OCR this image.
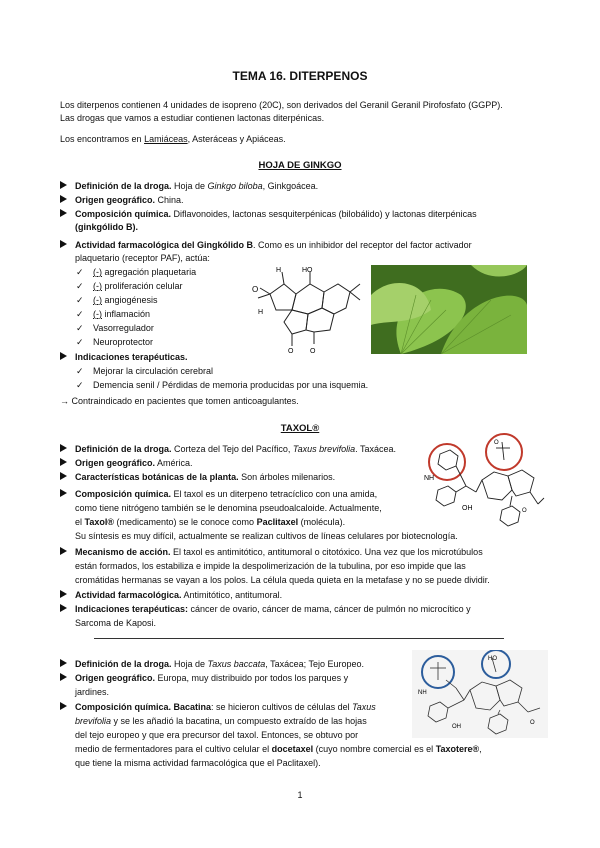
TEMA 16. DITERPENOS
Los diterpenos contienen 4 unidades de isopreno (20C), son derivados del Geranil Geranil Pirofosfato (GGPP).
Las drogas que vamos a estudiar contienen lactonas diterpénicas.
Los encontramos en Lamiáceas, Asteráceas y Apiáceas.
HOJA DE GINKGO
Definición de la droga. Hoja de Ginkgo biloba, Ginkgoácea.
Origen geográfico. China.
Composición química. Diflavonoides, lactonas sesquiterpénicas (bilobálido) y lactonas diterpénicas
(ginkgólido B).
Actividad farmacológica del Gingkólido B. Como es un inhibidor del receptor del factor activador
plaquetario (receptor PAF), actúa:
✓ (-) agregación plaquetaria
✓ (-) proliferación celular
✓ (-) angiogénesis
✓ (-) inflamación
✓ Vasorregulador
✓ Neuroprotector
Indicaciones terapéuticas.
✓ Mejorar la circulación cerebral
✓ Demencia senil / Pérdidas de memoria producidas por una isquemia.
→ Contraindicado en pacientes que tomen anticoagulantes.
O
HO
H
O O
H
TAXOL®
Definición de la droga. Corteza del Tejo del Pacífico, Taxus brevifolia. Taxácea.
Origen geográfico. América.
Características botánicas de la planta. Son árboles milenarios.
Composición química. El taxol es un diterpeno tetracíclico con una amida,
como tiene nitrógeno también se le denomina pseudoalcaloide. Actualmente,
el Taxol® (medicamento) se le conoce como Paclitaxel (molécula).
Su síntesis es muy difícil, actualmente se realizan cultivos de líneas celulares por biotecnología.
Mecanismo de acción. El taxol es antimitótico, antitumoral o citotóxico. Una vez que los microtúbulos
están formados, los estabiliza e impide la despolimerización de la tubulina, por eso impide que las
cromátidas hermanas se vayan a los polos. La célula queda quieta en la metafase y no se puede dividir.
Actividad farmacológica. Antimitótico, antitumoral.
Indicaciones terapéuticas: cáncer de ovario, cáncer de mama, cáncer de pulmón no microcítico y
Sarcoma de Kaposi.
NH
OH
O
O
Definición de la droga. Hoja de Taxus baccata, Taxácea; Tejo Europeo.
Origen geográfico. Europa, muy distribuido por todos los parques y
jardines.
Composición química. Bacatina: se hicieron cultivos de células del Taxus
brevifolia y se les añadió la bacatina, un compuesto extraído de las hojas
del tejo europeo y que era precursor del taxol. Entonces, se obtuvo por
medio de fermentadores para el cultivo celular el docetaxel (cuyo nombre comercial es el Taxotere®,
que tiene la misma actividad farmacológica que el Paclitaxel).
HO
NH
OH
O
1
